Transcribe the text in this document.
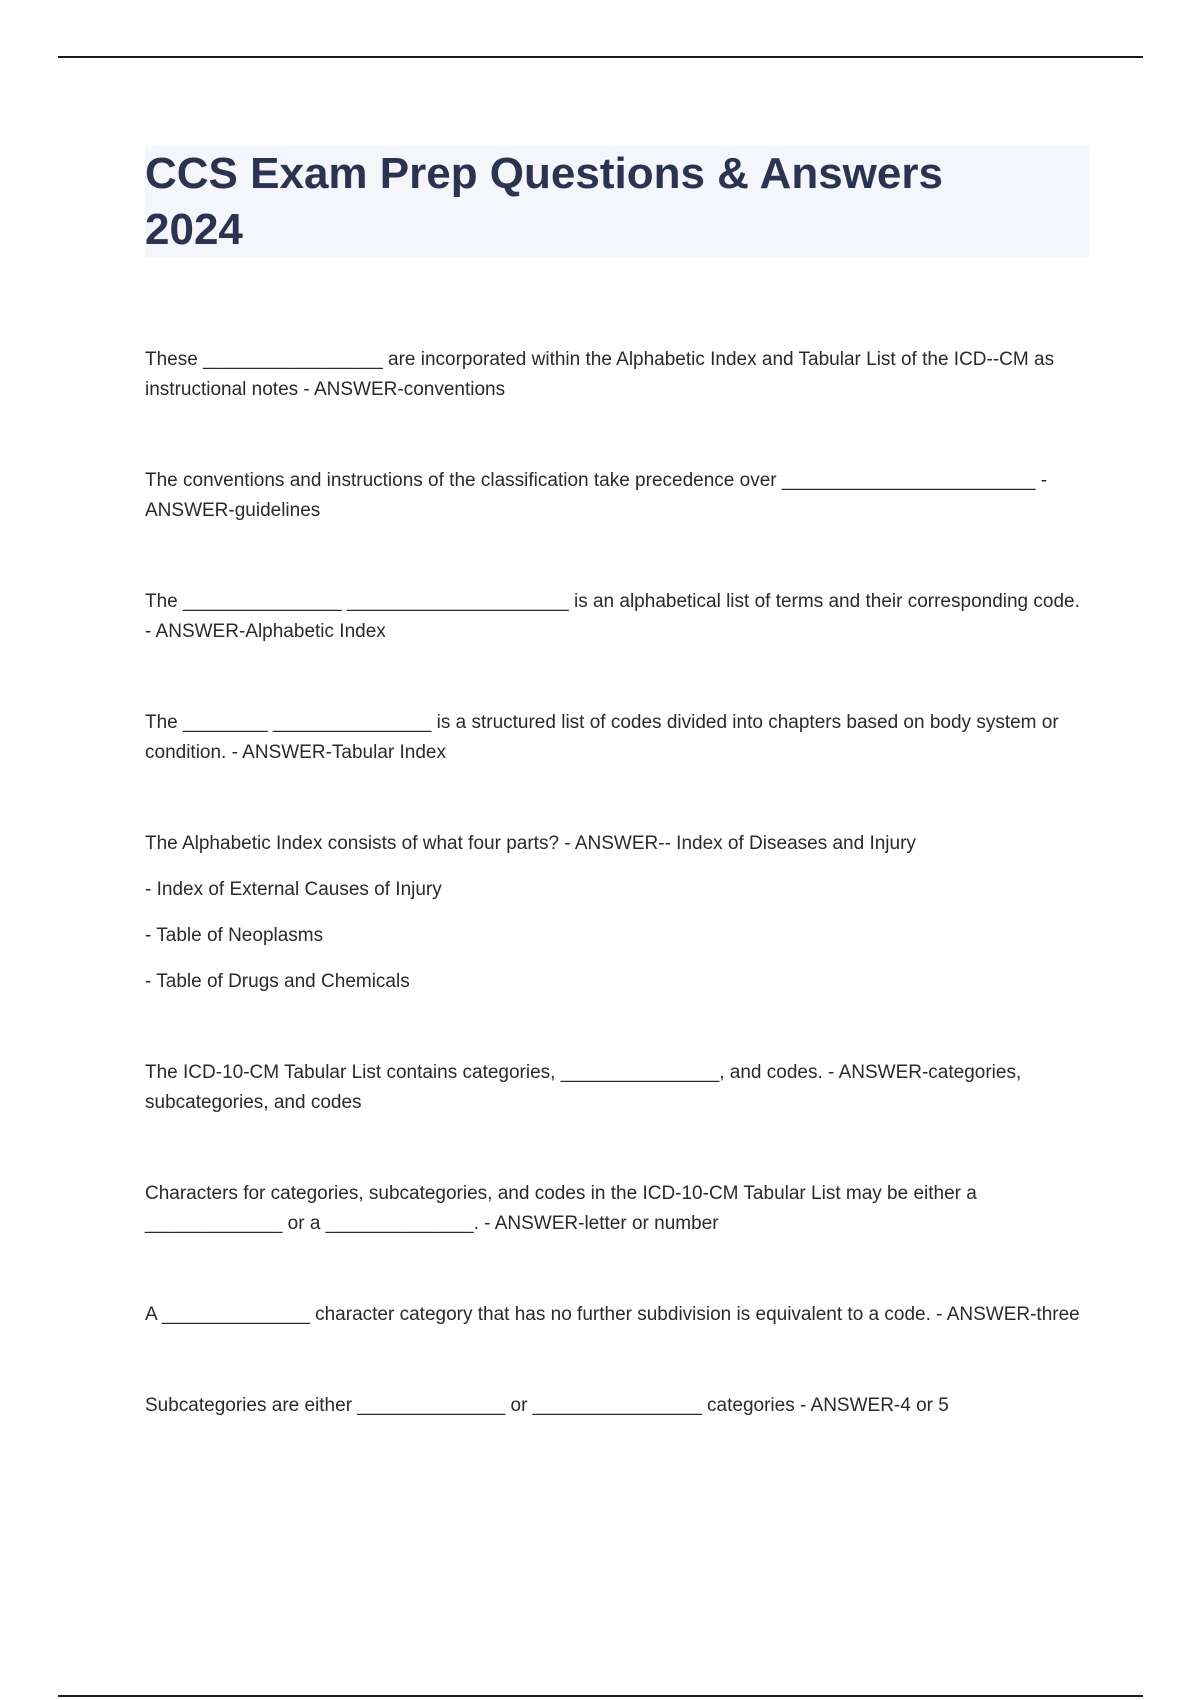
CCS Exam Prep Questions & Answers
2024

These _________________ are incorporated within the Alphabetic Index and Tabular List of the ICD--CM as instructional notes - ANSWER-conventions

The conventions and instructions of the classification take precedence over ________________________ - ANSWER-guidelines

The _______________ _____________________ is an alphabetical list of terms and their corresponding code. - ANSWER-Alphabetic Index

The ________ _______________ is a structured list of codes divided into chapters based on body system or condition. - ANSWER-Tabular Index

The Alphabetic Index consists of what four parts? - ANSWER-- Index of Diseases and Injury

- Index of External Causes of Injury

- Table of Neoplasms

- Table of Drugs and Chemicals

The ICD-10-CM Tabular List contains categories, _______________, and codes. - ANSWER-categories, subcategories, and codes

Characters for categories, subcategories, and codes in the ICD-10-CM Tabular List may be either a _____________ or a ______________. - ANSWER-letter or number

A ______________ character category that has no further subdivision is equivalent to a code. - ANSWER-three

Subcategories are either ______________ or ________________ categories - ANSWER-4 or 5
